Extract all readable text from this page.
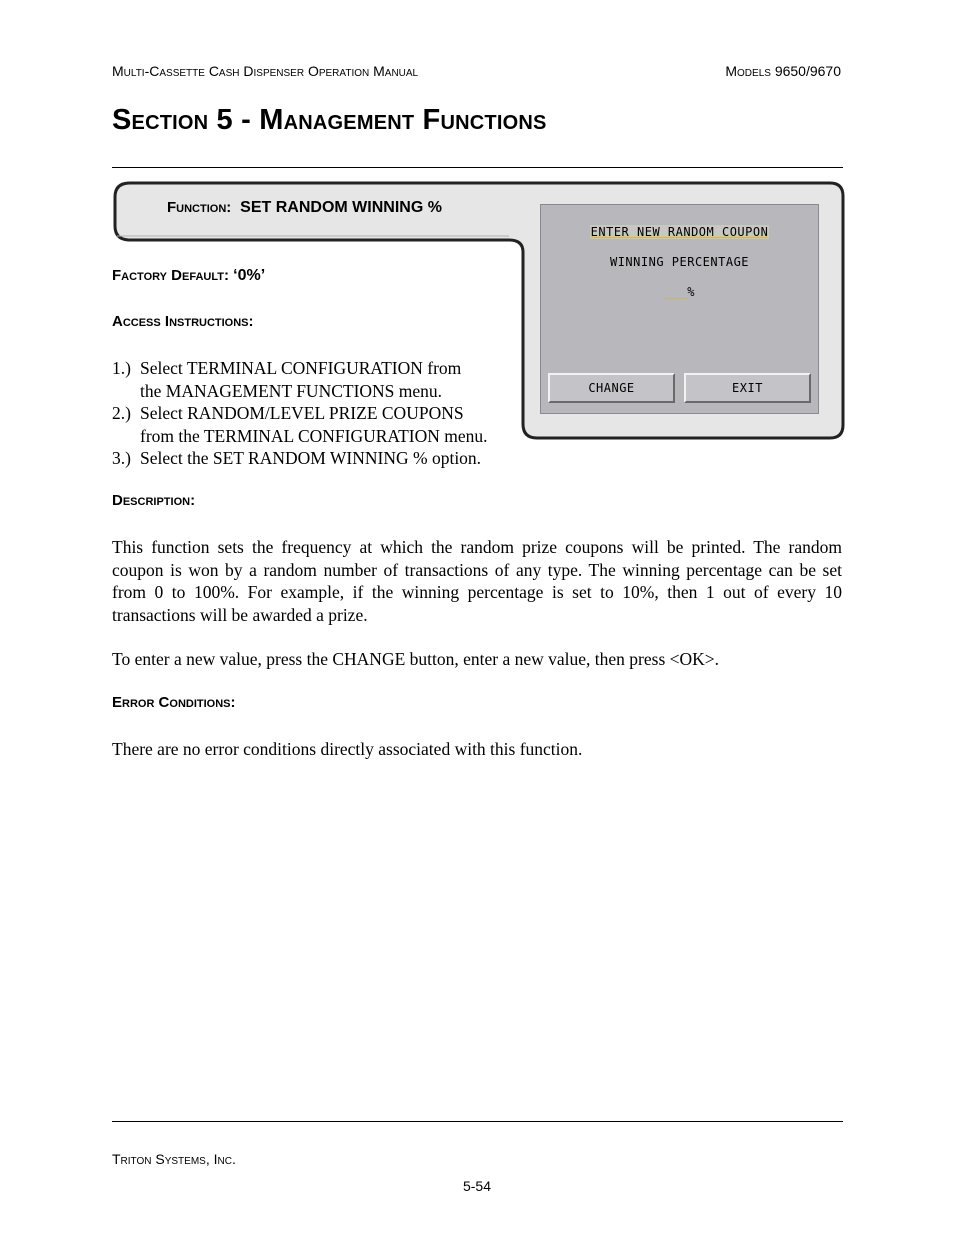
Multi-Cassette Cash Dispenser Operation Manual	Models 9650/9670
Section 5 - Management Functions
Function: SET RANDOM WINNING %
ENTER NEW RANDOM COUPON
WINNING PERCENTAGE
___%
CHANGE	EXIT
Factory Default: ‘0%’
Access Instructions:
1.) Select TERMINAL CONFIGURATION from
the MANAGEMENT FUNCTIONS menu.
2.) Select RANDOM/LEVEL PRIZE COUPONS
from the TERMINAL CONFIGURATION menu.
3.) Select the SET RANDOM WINNING % option.
Description:
This function sets the frequency at which the random prize coupons will be printed. The random coupon is won by a random number of transactions of any type. The winning percentage can be set from 0 to 100%. For example, if the winning percentage is set to 10%, then 1 out of every 10 transactions will be awarded a prize.
To enter a new value, press the CHANGE button, enter a new value, then press <OK>.
Error Conditions:
There are no error conditions directly associated with this function.
Triton Systems, Inc.
5-54
